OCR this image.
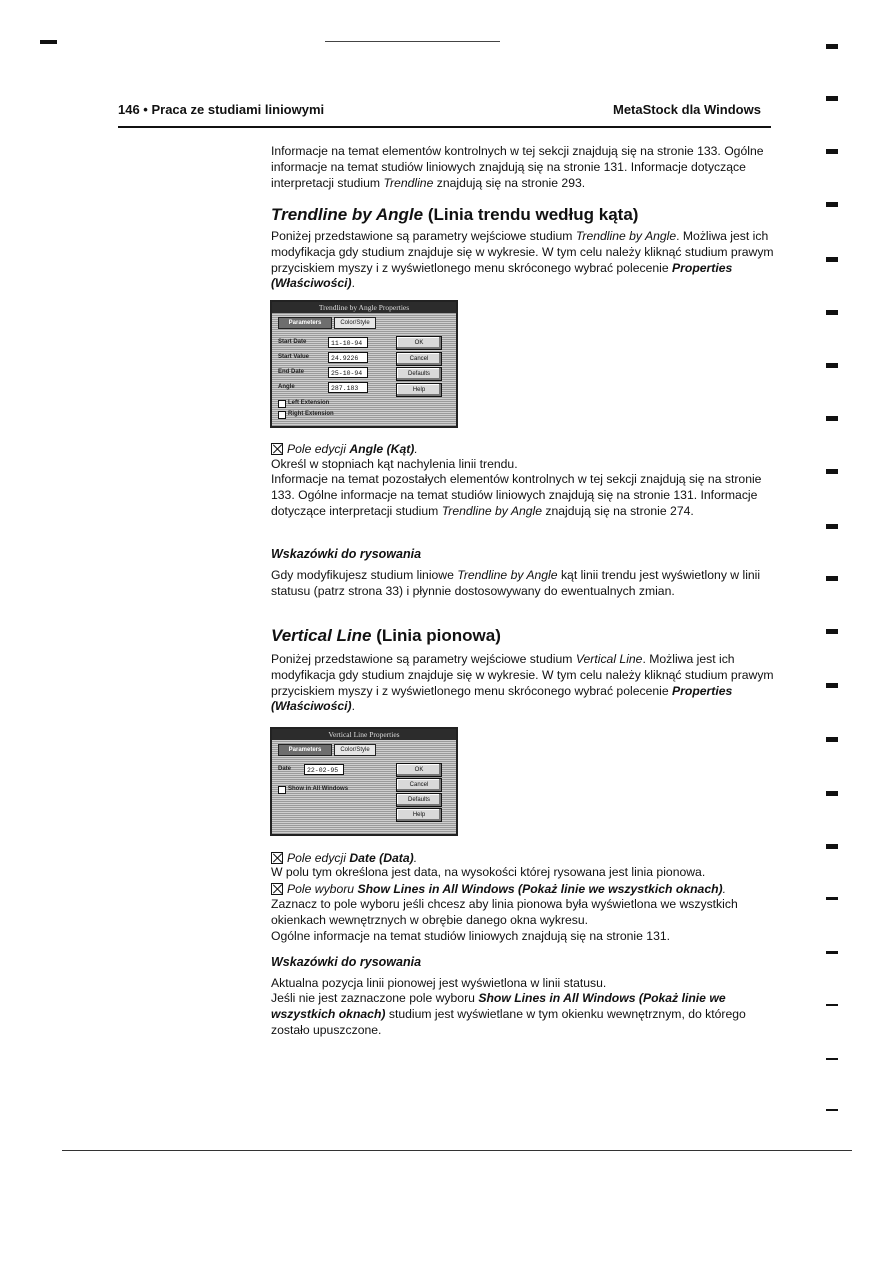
146 • Praca ze studiami liniowymi	MetaStock dla Windows

Informacje na temat elementów kontrolnych w tej sekcji znajdują się na stronie 133. Ogólne informacje na temat studiów liniowych znajdują się na stronie 131. Informacje dotyczące interpretacji studium Trendline znajdują się na stronie 293.

Trendline by Angle (Linia trendu według kąta)

Poniżej przedstawione są parametry wejściowe studium Trendline by Angle. Możliwa jest ich modyfikacja gdy studium znajduje się w wykresie. W tym celu należy kliknąć studium prawym przyciskiem myszy i z wyświetlonego menu skróconego wybrać polecenie Properties (Właściwości).

Trendline by Angle Properties
Parameters	Color/Style
Start Date	11-10-94
Start Value	24.9226
End Date	25-10-94
Angle	287.183
OK
Cancel
Defaults
Help
Left Extension
Right Extension

Pole edycji Angle (Kąt).

Określ w stopniach kąt nachylenia linii trendu.

Informacje na temat pozostałych elementów kontrolnych w tej sekcji znajdują się na stronie 133. Ogólne informacje na temat studiów liniowych znajdują się na stronie 131. Informacje dotyczące interpretacji studium Trendline by Angle znajdują się na stronie 274.

Wskazówki do rysowania

Gdy modyfikujesz studium liniowe Trendline by Angle kąt linii trendu jest wyświetlony w linii statusu (patrz strona 33) i płynnie dostosowywany do ewentualnych zmian.

Vertical Line (Linia pionowa)

Poniżej przedstawione są parametry wejściowe studium Vertical Line. Możliwa jest ich modyfikacja gdy studium znajduje się w wykresie. W tym celu należy kliknąć studium prawym przyciskiem myszy i z wyświetlonego menu skróconego wybrać polecenie Properties (Właściwości).

Vertical Line Properties
Parameters	Color/Style
Date	22-02-95
Show in All Windows
OK
Cancel
Defaults
Help

Pole edycji Date (Data).

W polu tym określona jest data, na wysokości której rysowana jest linia pionowa.

Pole wyboru Show Lines in All Windows (Pokaż linie we wszystkich oknach).

Zaznacz to pole wyboru jeśli chcesz aby linia pionowa była wyświetlona we wszystkich okienkach wewnętrznych w obrębie danego okna wykresu.
Ogólne informacje na temat studiów liniowych znajdują się na stronie 131.
Wskazówki do rysowania
Aktualna pozycja linii pionowej jest wyświetlona w linii statusu.

Jeśli nie jest zaznaczone pole wyboru Show Lines in All Windows (Pokaż linie we wszystkich oknach) studium jest wyświetlane w tym okienku wewnętrznym, do którego zostało upuszczone.
